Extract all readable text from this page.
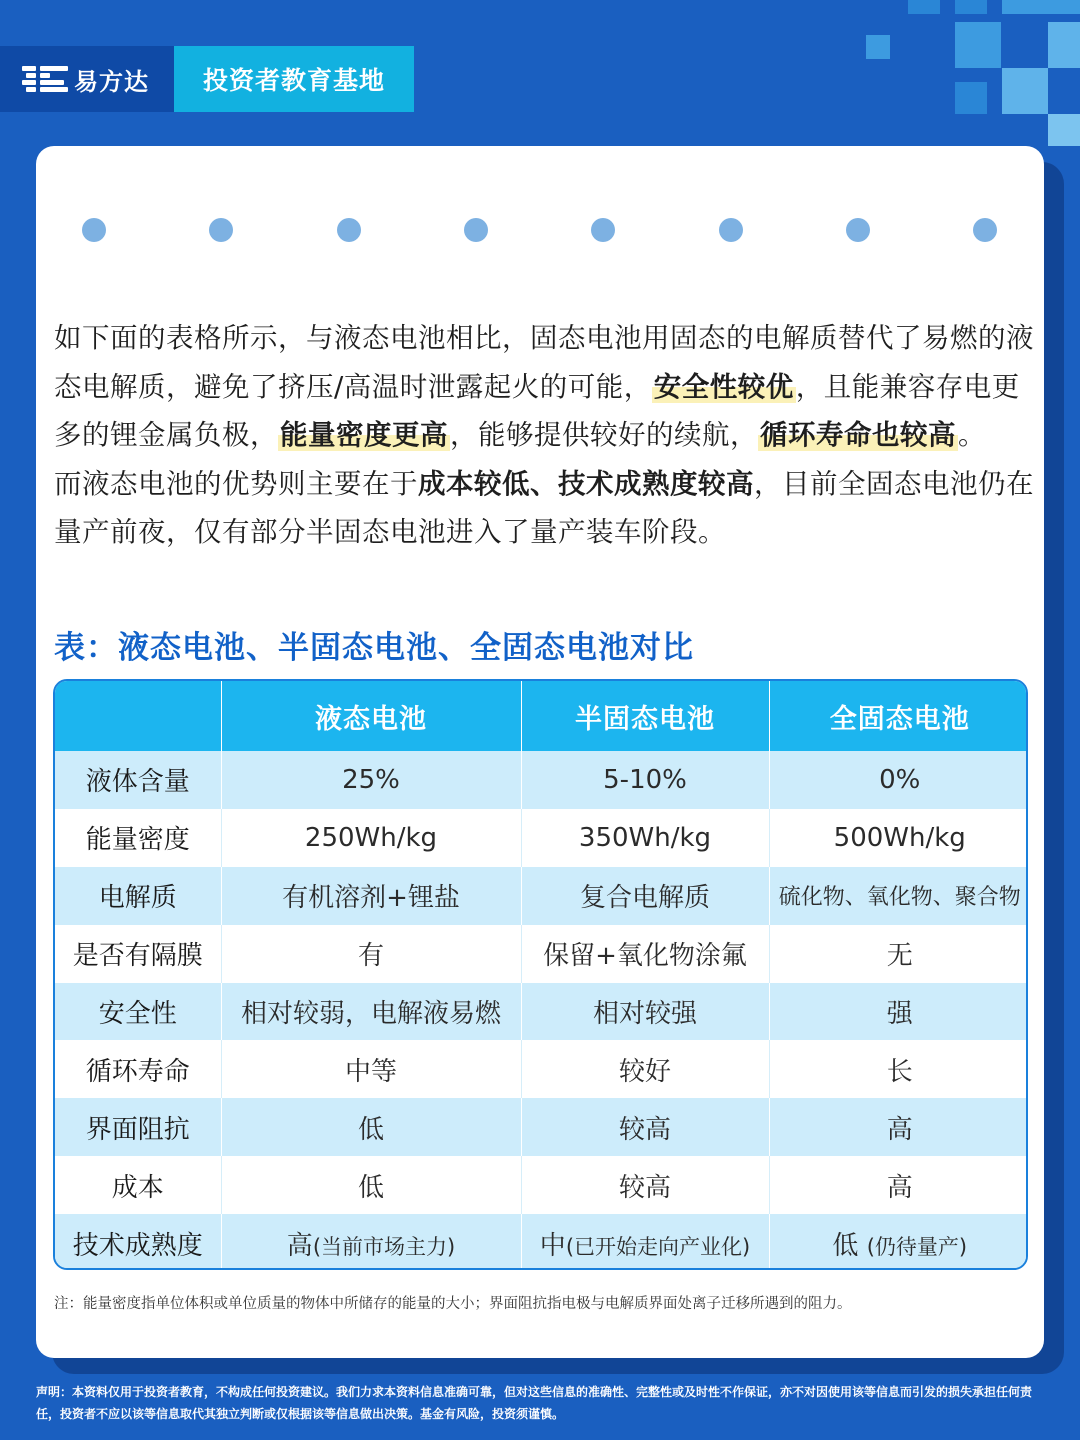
易方达	投资者教育基地

如下面的表格所示，与液态电池相比，固态电池用固态的电解质替代了易燃的液态电解质，避免了挤压/高温时泄露起火的可能，安全性较优，且能兼容存电更多的锂金属负极，能量密度更高，能够提供较好的续航，循环寿命也较高。

而液态电池的优势则主要在于成本较低、技术成熟度较高，目前全固态电池仍在量产前夜，仅有部分半固态电池进入了量产装车阶段。

表：液态电池、半固态电池、全固态电池对比
	液态电池	半固态电池	全固态电池
液体含量	25%	5-10%	0%
能量密度	250Wh/kg	350Wh/kg	500Wh/kg
电解质	有机溶剂+锂盐	复合电解质	硫化物、氧化物、聚合物
是否有隔膜	有	保留+氧化物涂氟	无
安全性	相对较弱，电解液易燃	相对较强	强
循环寿命	中等	较好	长
界面阻抗	低	较高	高
成本	低	较高	高
技术成熟度	高(当前市场主力)	中(已开始走向产业化)	低 (仍待量产)
注：能量密度指单位体积或单位质量的物体中所储存的能量的大小；界面阻抗指电极与电解质界面处离子迁移所遇到的阻力。
声明：本资料仅用于投资者教育，不构成任何投资建议。我们力求本资料信息准确可靠，但对这些信息的准确性、完整性或及时性不作保证，亦不对因使用该等信息而引发的损失承担任何责任，投资者不应以该等信息取代其独立判断或仅根据该等信息做出决策。基金有风险，投资须谨慎。
